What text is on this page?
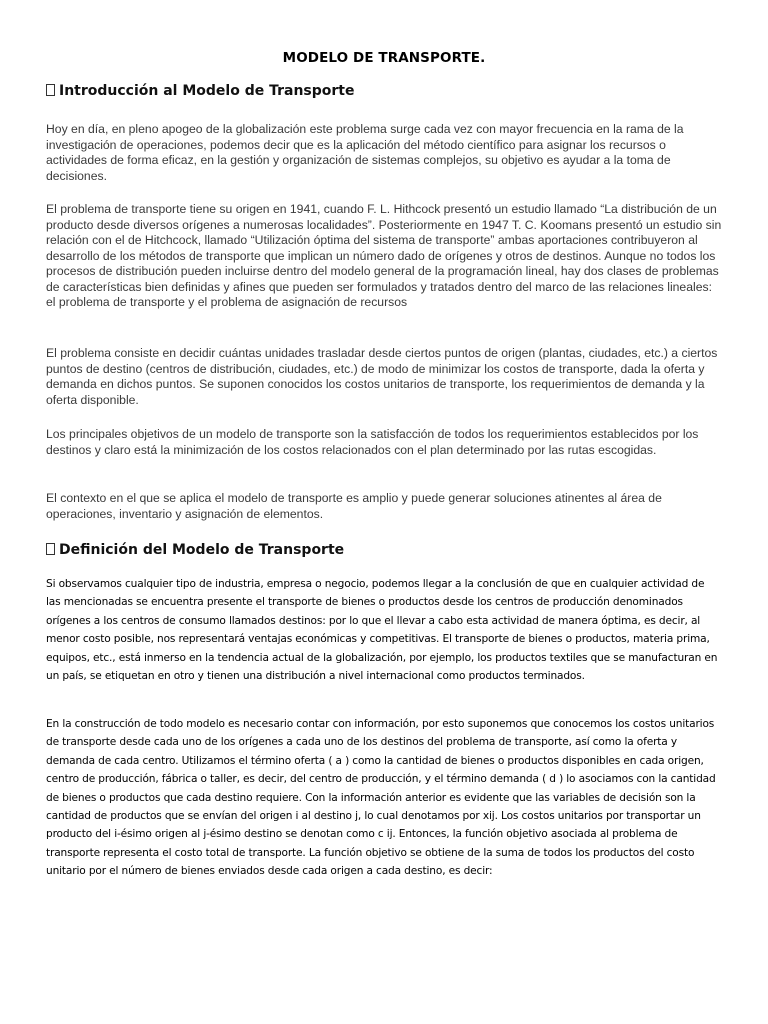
MODELO DE TRANSPORTE.
Introducción al Modelo de Transporte

Hoy en día, en pleno apogeo de la globalización este problema surge cada vez con mayor frecuencia en la rama de la investigación de operaciones, podemos decir que es la aplicación del método científico para asignar los recursos o actividades de forma eficaz, en la gestión y organización de sistemas complejos, su objetivo es ayudar a la toma de decisiones.

El problema de transporte tiene su origen en 1941, cuando F. L. Hithcock presentó un estudio llamado “La distribución de un producto desde diversos orígenes a numerosas localidades”. Posteriormente en 1947 T. C. Koomans presentó un estudio sin relación con el de Hitchcock, llamado “Utilización óptima del sistema de transporte” ambas aportaciones contribuyeron al desarrollo de los métodos de transporte que implican un número dado de orígenes y otros de destinos. Aunque no todos los procesos de distribución pueden incluirse dentro del modelo general de la programación lineal, hay dos clases de problemas de características bien definidas y afines que pueden ser formulados y tratados dentro del marco de las relaciones lineales: el problema de transporte y el problema de asignación de recursos

El problema consiste en decidir cuántas unidades trasladar desde ciertos puntos de origen (plantas, ciudades, etc.) a ciertos puntos de destino (centros de distribución, ciudades, etc.) de modo de minimizar los costos de transporte, dada la oferta y demanda en dichos puntos. Se suponen conocidos los costos unitarios de transporte, los requerimientos de demanda y la oferta disponible.

Los principales objetivos de un modelo de transporte son la satisfacción de todos los requerimientos establecidos por los destinos y claro está la minimización de los costos relacionados con el plan determinado por las rutas escogidas.

El contexto en el que se aplica el modelo de transporte es amplio y puede generar soluciones atinentes al área de operaciones, inventario y asignación de elementos.

Definición del Modelo de Transporte

Si observamos cualquier tipo de industria, empresa o negocio, podemos llegar a la conclusión de que en cualquier actividad de las mencionadas se encuentra presente el transporte de bienes o productos desde los centros de producción denominados orígenes a los centros de consumo llamados destinos: por lo que el llevar a cabo esta actividad de manera óptima, es decir, al menor costo posible, nos representará ventajas económicas y competitivas. El transporte de bienes o productos, materia prima, equipos, etc., está inmerso en la tendencia actual de la globalización, por ejemplo, los productos textiles que se manufacturan en un país, se etiquetan en otro y tienen una distribución a nivel internacional como productos terminados.

En la construcción de todo modelo es necesario contar con información, por esto suponemos que conocemos los costos unitarios de transporte desde cada uno de los orígenes a cada uno de los destinos del problema de transporte, así como la oferta y demanda de cada centro. Utilizamos el término oferta ( a ) como la cantidad de bienes o productos disponibles en cada origen, centro de producción, fábrica o taller, es decir, del centro de producción, y el término demanda ( d ) lo asociamos con la cantidad de bienes o productos que cada destino requiere. Con la información anterior es evidente que las variables de decisión son la cantidad de productos que se envían del origen i al destino j, lo cual denotamos por xij. Los costos unitarios por transportar un producto del i-ésimo origen al j-ésimo destino se denotan como c ij. Entonces, la función objetivo asociada al problema de transporte representa el costo total de transporte. La función objetivo se obtiene de la suma de todos los productos del costo unitario por el número de bienes enviados desde cada origen a cada destino, es decir:
